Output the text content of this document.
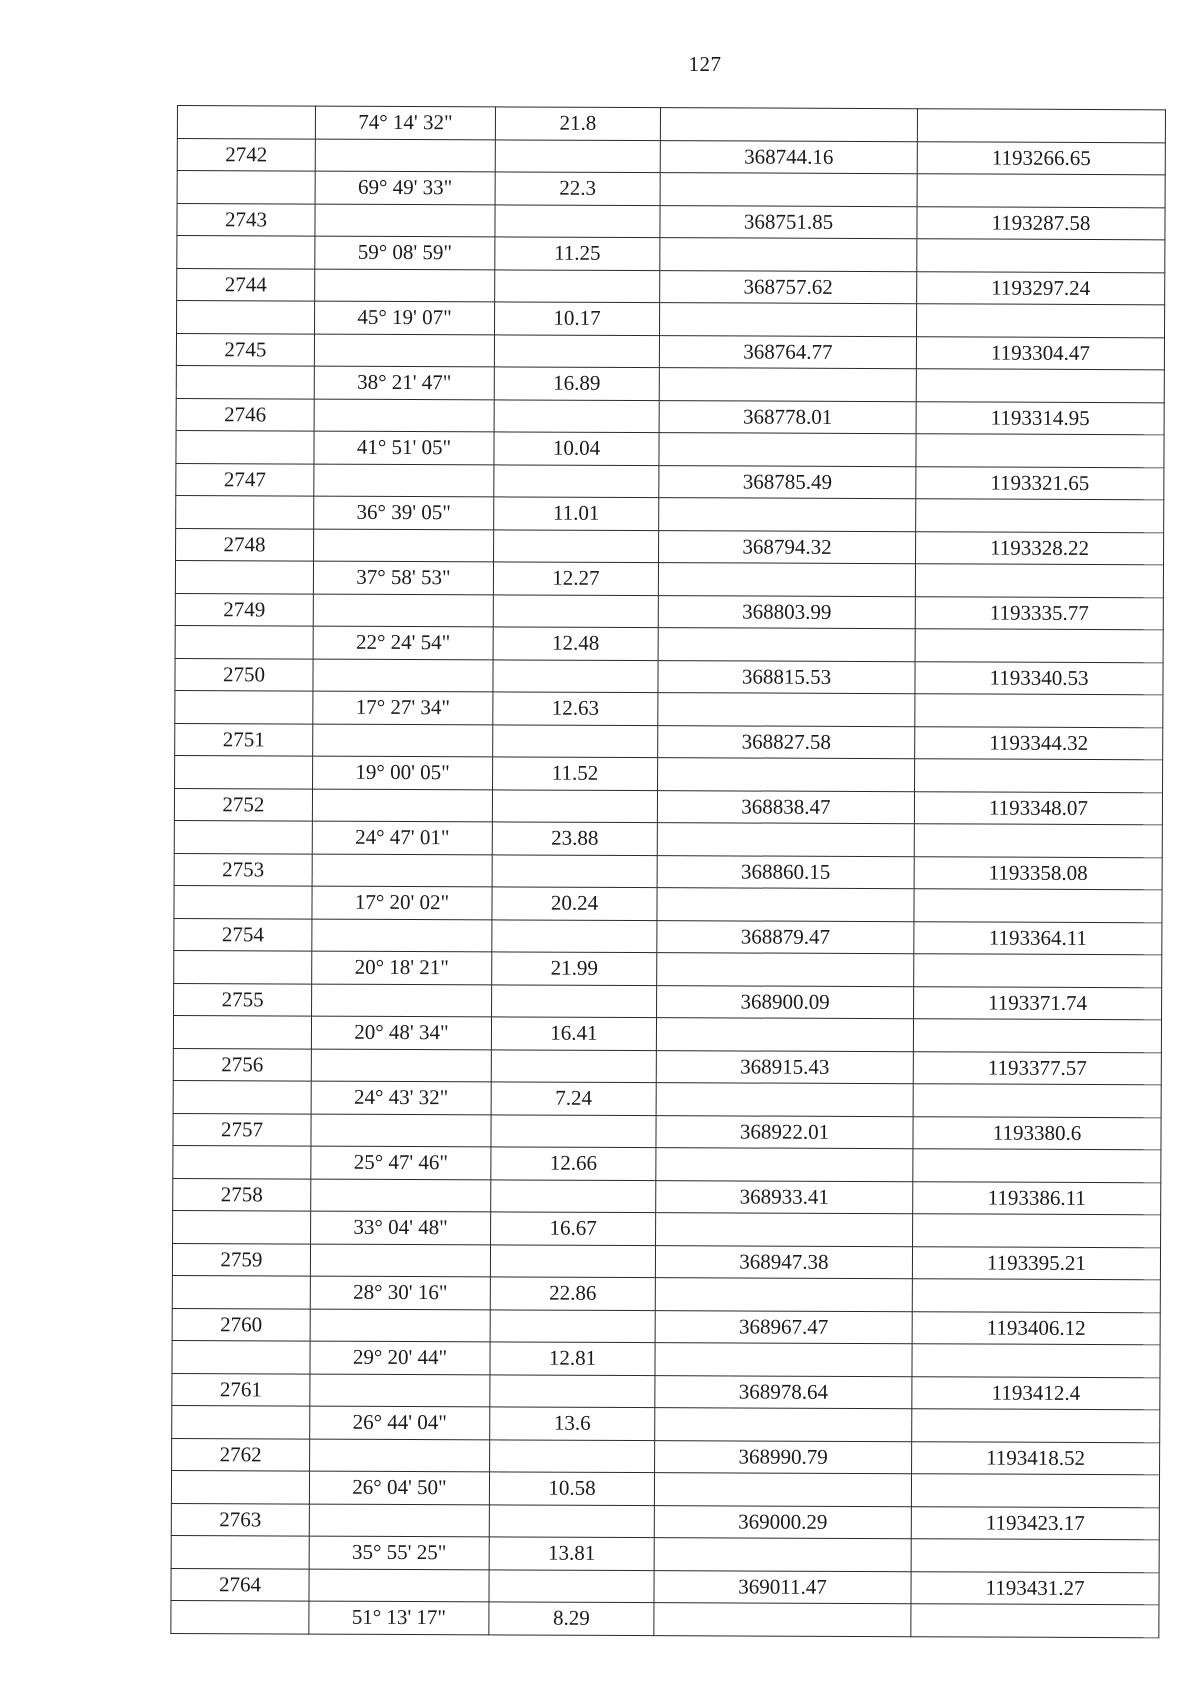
127
	74° 14' 32"	21.8		
2742			368744.16	1193266.65
	69° 49' 33"	22.3		
2743			368751.85	1193287.58
	59° 08' 59"	11.25		
2744			368757.62	1193297.24
	45° 19' 07"	10.17		
2745			368764.77	1193304.47
	38° 21' 47"	16.89		
2746			368778.01	1193314.95
	41° 51' 05"	10.04		
2747			368785.49	1193321.65
	36° 39' 05"	11.01		
2748			368794.32	1193328.22
	37° 58' 53"	12.27		
2749			368803.99	1193335.77
	22° 24' 54"	12.48		
2750			368815.53	1193340.53
	17° 27' 34"	12.63		
2751			368827.58	1193344.32
	19° 00' 05"	11.52		
2752			368838.47	1193348.07
	24° 47' 01"	23.88		
2753			368860.15	1193358.08
	17° 20' 02"	20.24		
2754			368879.47	1193364.11
	20° 18' 21"	21.99		
2755			368900.09	1193371.74
	20° 48' 34"	16.41		
2756			368915.43	1193377.57
	24° 43' 32"	7.24		
2757			368922.01	1193380.6
	25° 47' 46"	12.66		
2758			368933.41	1193386.11
	33° 04' 48"	16.67		
2759			368947.38	1193395.21
	28° 30' 16"	22.86		
2760			368967.47	1193406.12
	29° 20' 44"	12.81		
2761			368978.64	1193412.4
	26° 44' 04"	13.6		
2762			368990.79	1193418.52
	26° 04' 50"	10.58		
2763			369000.29	1193423.17
	35° 55' 25"	13.81		
2764			369011.47	1193431.27
	51° 13' 17"	8.29		
